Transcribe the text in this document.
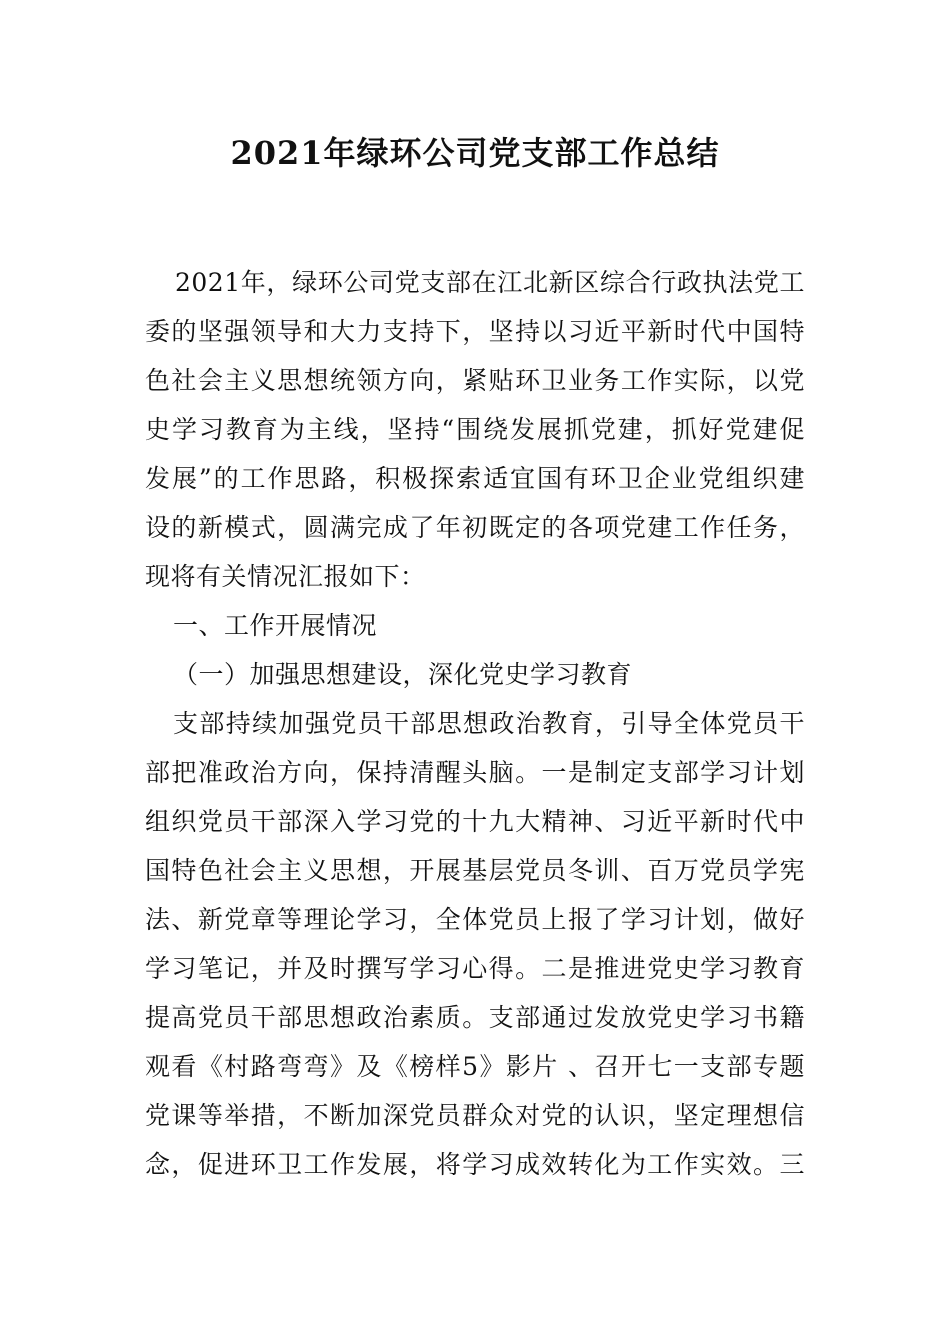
2021年绿环公司党支部工作总结
2021年，绿环公司党支部在江北新区综合行政执法党工
委的坚强领导和大力支持下，坚持以习近平新时代中国特
色社会主义思想统领方向，紧贴环卫业务工作实际，以党
史学习教育为主线，坚持“围绕发展抓党建，抓好党建促
发展”的工作思路，积极探索适宜国有环卫企业党组织建
设的新模式，圆满完成了年初既定的各项党建工作任务，
现将有关情况汇报如下：
一、工作开展情况
（一）加强思想建设，深化党史学习教育
支部持续加强党员干部思想政治教育，引导全体党员干
部把准政治方向，保持清醒头脑。一是制定支部学习计划
组织党员干部深入学习党的十九大精神、习近平新时代中
国特色社会主义思想，开展基层党员冬训、百万党员学宪
法、新党章等理论学习，全体党员上报了学习计划，做好
学习笔记，并及时撰写学习心得。二是推进党史学习教育
提高党员干部思想政治素质。支部通过发放党史学习书籍
观看《村路弯弯》及《榜样5》影片 、召开七一支部专题
党课等举措，不断加深党员群众对党的认识，坚定理想信
念，促进环卫工作发展，将学习成效转化为工作实效。三
